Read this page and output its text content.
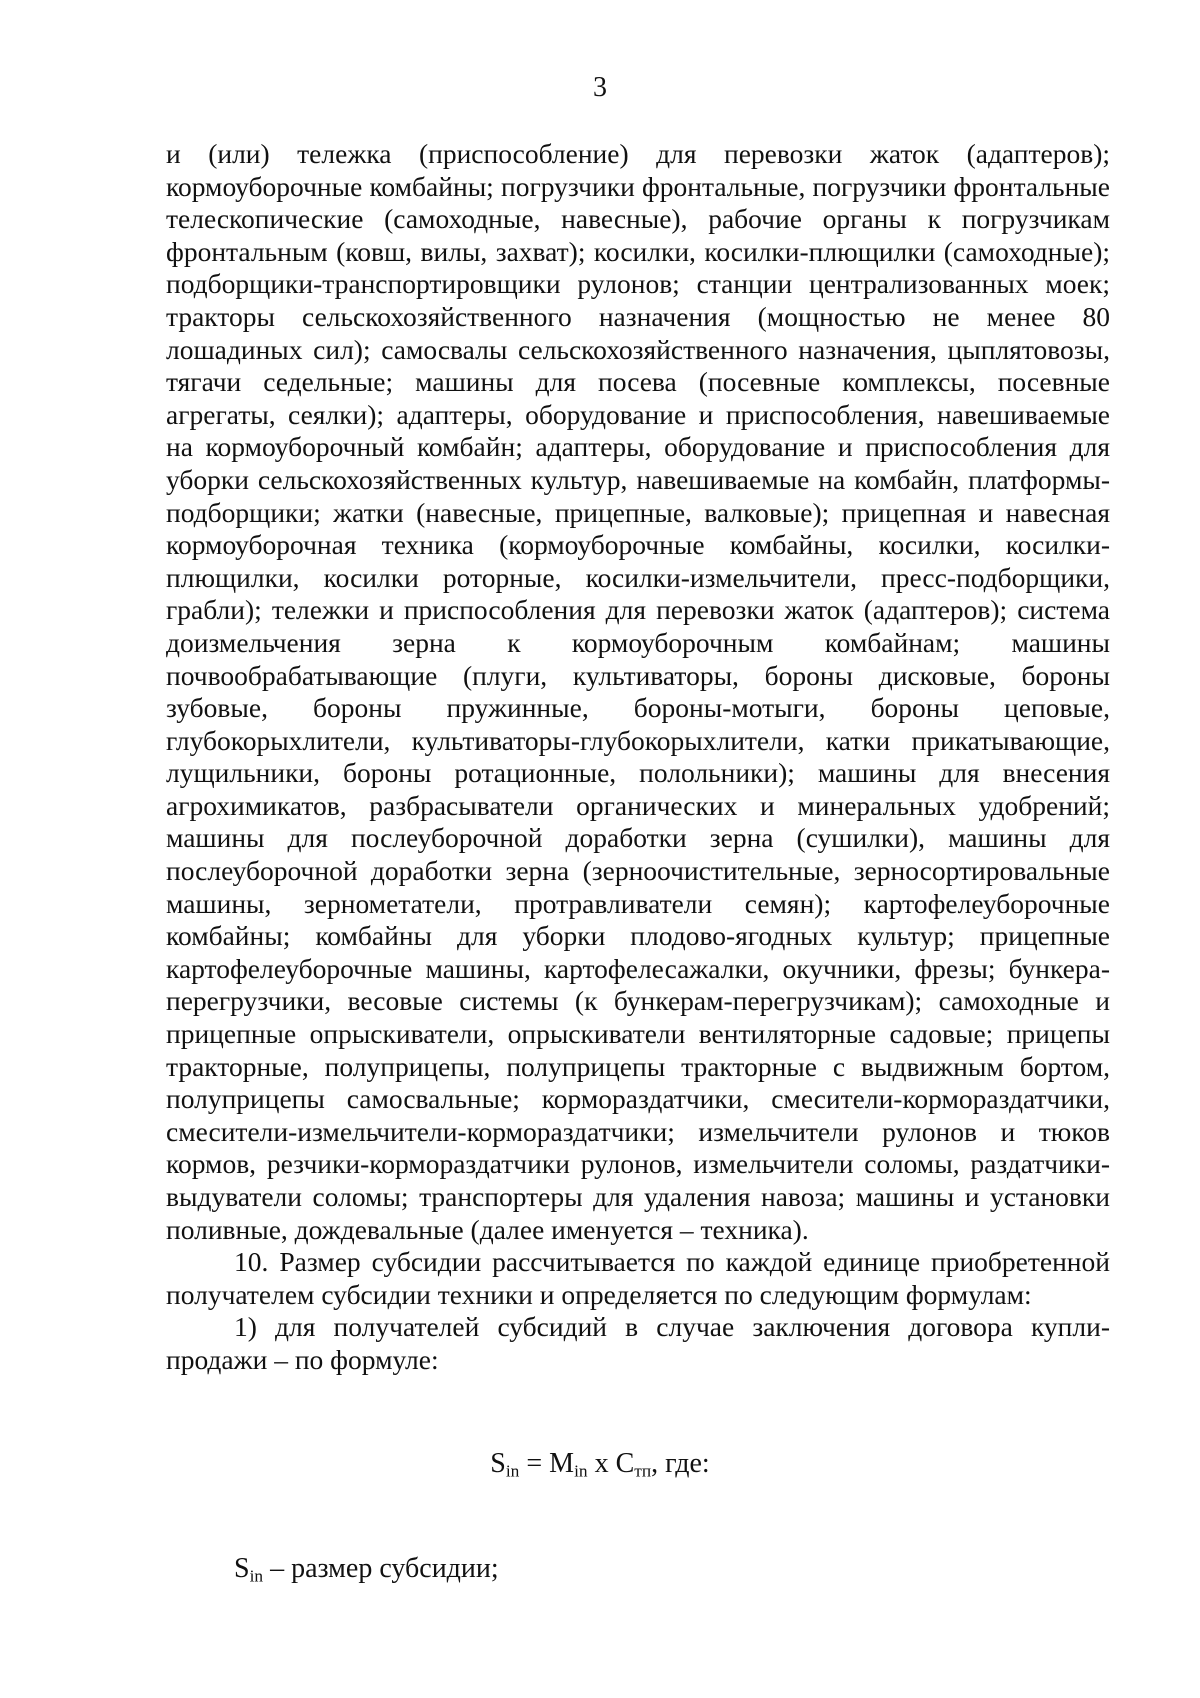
3

и (или) тележка (приспособление) для перевозки жаток (адаптеров); кормоуборочные комбайны; погрузчики фронтальные, погрузчики фронтальные телескопические (самоходные, навесные), рабочие органы к погрузчикам фронтальным (ковш, вилы, захват); косилки, косилки-плющилки (самоходные); подборщики-транспортировщики рулонов; станции централизованных моек; тракторы сельскохозяйственного назначения (мощностью не менее 80 лошадиных сил); самосвалы сельскохозяйственного назначения, цыплятовозы, тягачи седельные; машины для посева (посевные комплексы, посевные агрегаты, сеялки); адаптеры, оборудование и приспособления, навешиваемые на кормоуборочный комбайн; адаптеры, оборудование и приспособления для уборки сельскохозяйственных культур, навешиваемые на комбайн, платформы-подборщики; жатки (навесные, прицепные, валковые); прицепная и навесная кормоуборочная техника (кормоуборочные комбайны, косилки, косилки-плющилки, косилки роторные, косилки-измельчители, пресс-подборщики, грабли); тележки и приспособления для перевозки жаток (адаптеров); система доизмельчения зерна к кормоуборочным комбайнам; машины почвообрабатывающие (плуги, культиваторы, бороны дисковые, бороны зубовые, бороны пружинные, бороны-мотыги, бороны цеповые, глубокорыхлители, культиваторы-глубокорыхлители, катки прикатывающие, лущильники, бороны ротационные, полольники); машины для внесения агрохимикатов, разбрасыватели органических и минеральных удобрений; машины для послеуборочной доработки зерна (сушилки), машины для послеуборочной доработки зерна (зерноочистительные, зерносортировальные машины, зернометатели, протравливатели семян); картофелеуборочные комбайны; комбайны для уборки плодово-ягодных культур; прицепные картофелеуборочные машины, картофелесажалки, окучники, фрезы; бункера-перегрузчики, весовые системы (к бункерам-перегрузчикам); самоходные и прицепные опрыскиватели, опрыскиватели вентиляторные садовые; прицепы тракторные, полуприцепы, полуприцепы тракторные с выдвижным бортом, полуприцепы самосвальные; кормораздатчики, смесители-кормораздатчики, смесители-измельчители-кормораздатчики; измельчители рулонов и тюков кормов, резчики-кормораздатчики рулонов, измельчители соломы, раздатчики-выдуватели соломы; транспортеры для удаления навоза; машины и установки поливные, дождевальные (далее именуется – техника).

10. Размер субсидии рассчитывается по каждой единице приобретенной получателем субсидии техники и определяется по следующим формулам:

1) для получателей субсидий в случае заключения договора купли-продажи – по формуле:

$S_{in} = M_{in}$ x $C_{тп}$, где:
$S_{in}$ – размер субсидии;
